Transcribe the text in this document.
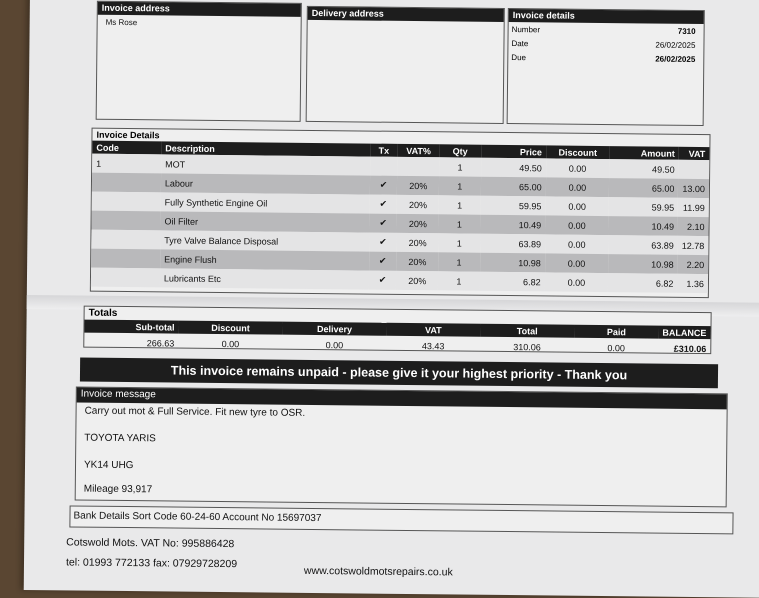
Invoice address
Ms Rose
Delivery address	Invoice details
Number	7310
Date	26/02/2025
Due	26/02/2025
Invoice Details
Code	Description	Tx	VAT%	Qty	Price	Discount	Amount	VAT
1	MOT			1	49.50	0.00	49.50	
	Labour	✔	20%	1	65.00	0.00	65.00	13.00
	Fully Synthetic Engine Oil	✔	20%	1	59.95	0.00	59.95	11.99
	Oil Filter	✔	20%	1	10.49	0.00	10.49	2.10
	Tyre Valve Balance Disposal	✔	20%	1	63.89	0.00	63.89	12.78
	Engine Flush	✔	20%	1	10.98	0.00	10.98	2.20
	Lubricants Etc	✔	20%	1	6.82	0.00	6.82	1.36
Totals
Sub-total	Discount	Delivery	VAT	Total	Paid	BALANCE
266.63	0.00	0.00	43.43	310.06	0.00	£310.06
This invoice remains unpaid - please give it your highest priority - Thank you
Invoice message
Carry out mot & Full Service. Fit new tyre to OSR.
TOYOTA YARIS
YK14 UHG
Mileage 93,917
Bank Details Sort Code 60-24-60 Account No 15697037
Cotswold Mots. VAT No: 995886428
tel: 01993 772133 fax: 07929728209
www.cotswoldmotsrepairs.co.uk
